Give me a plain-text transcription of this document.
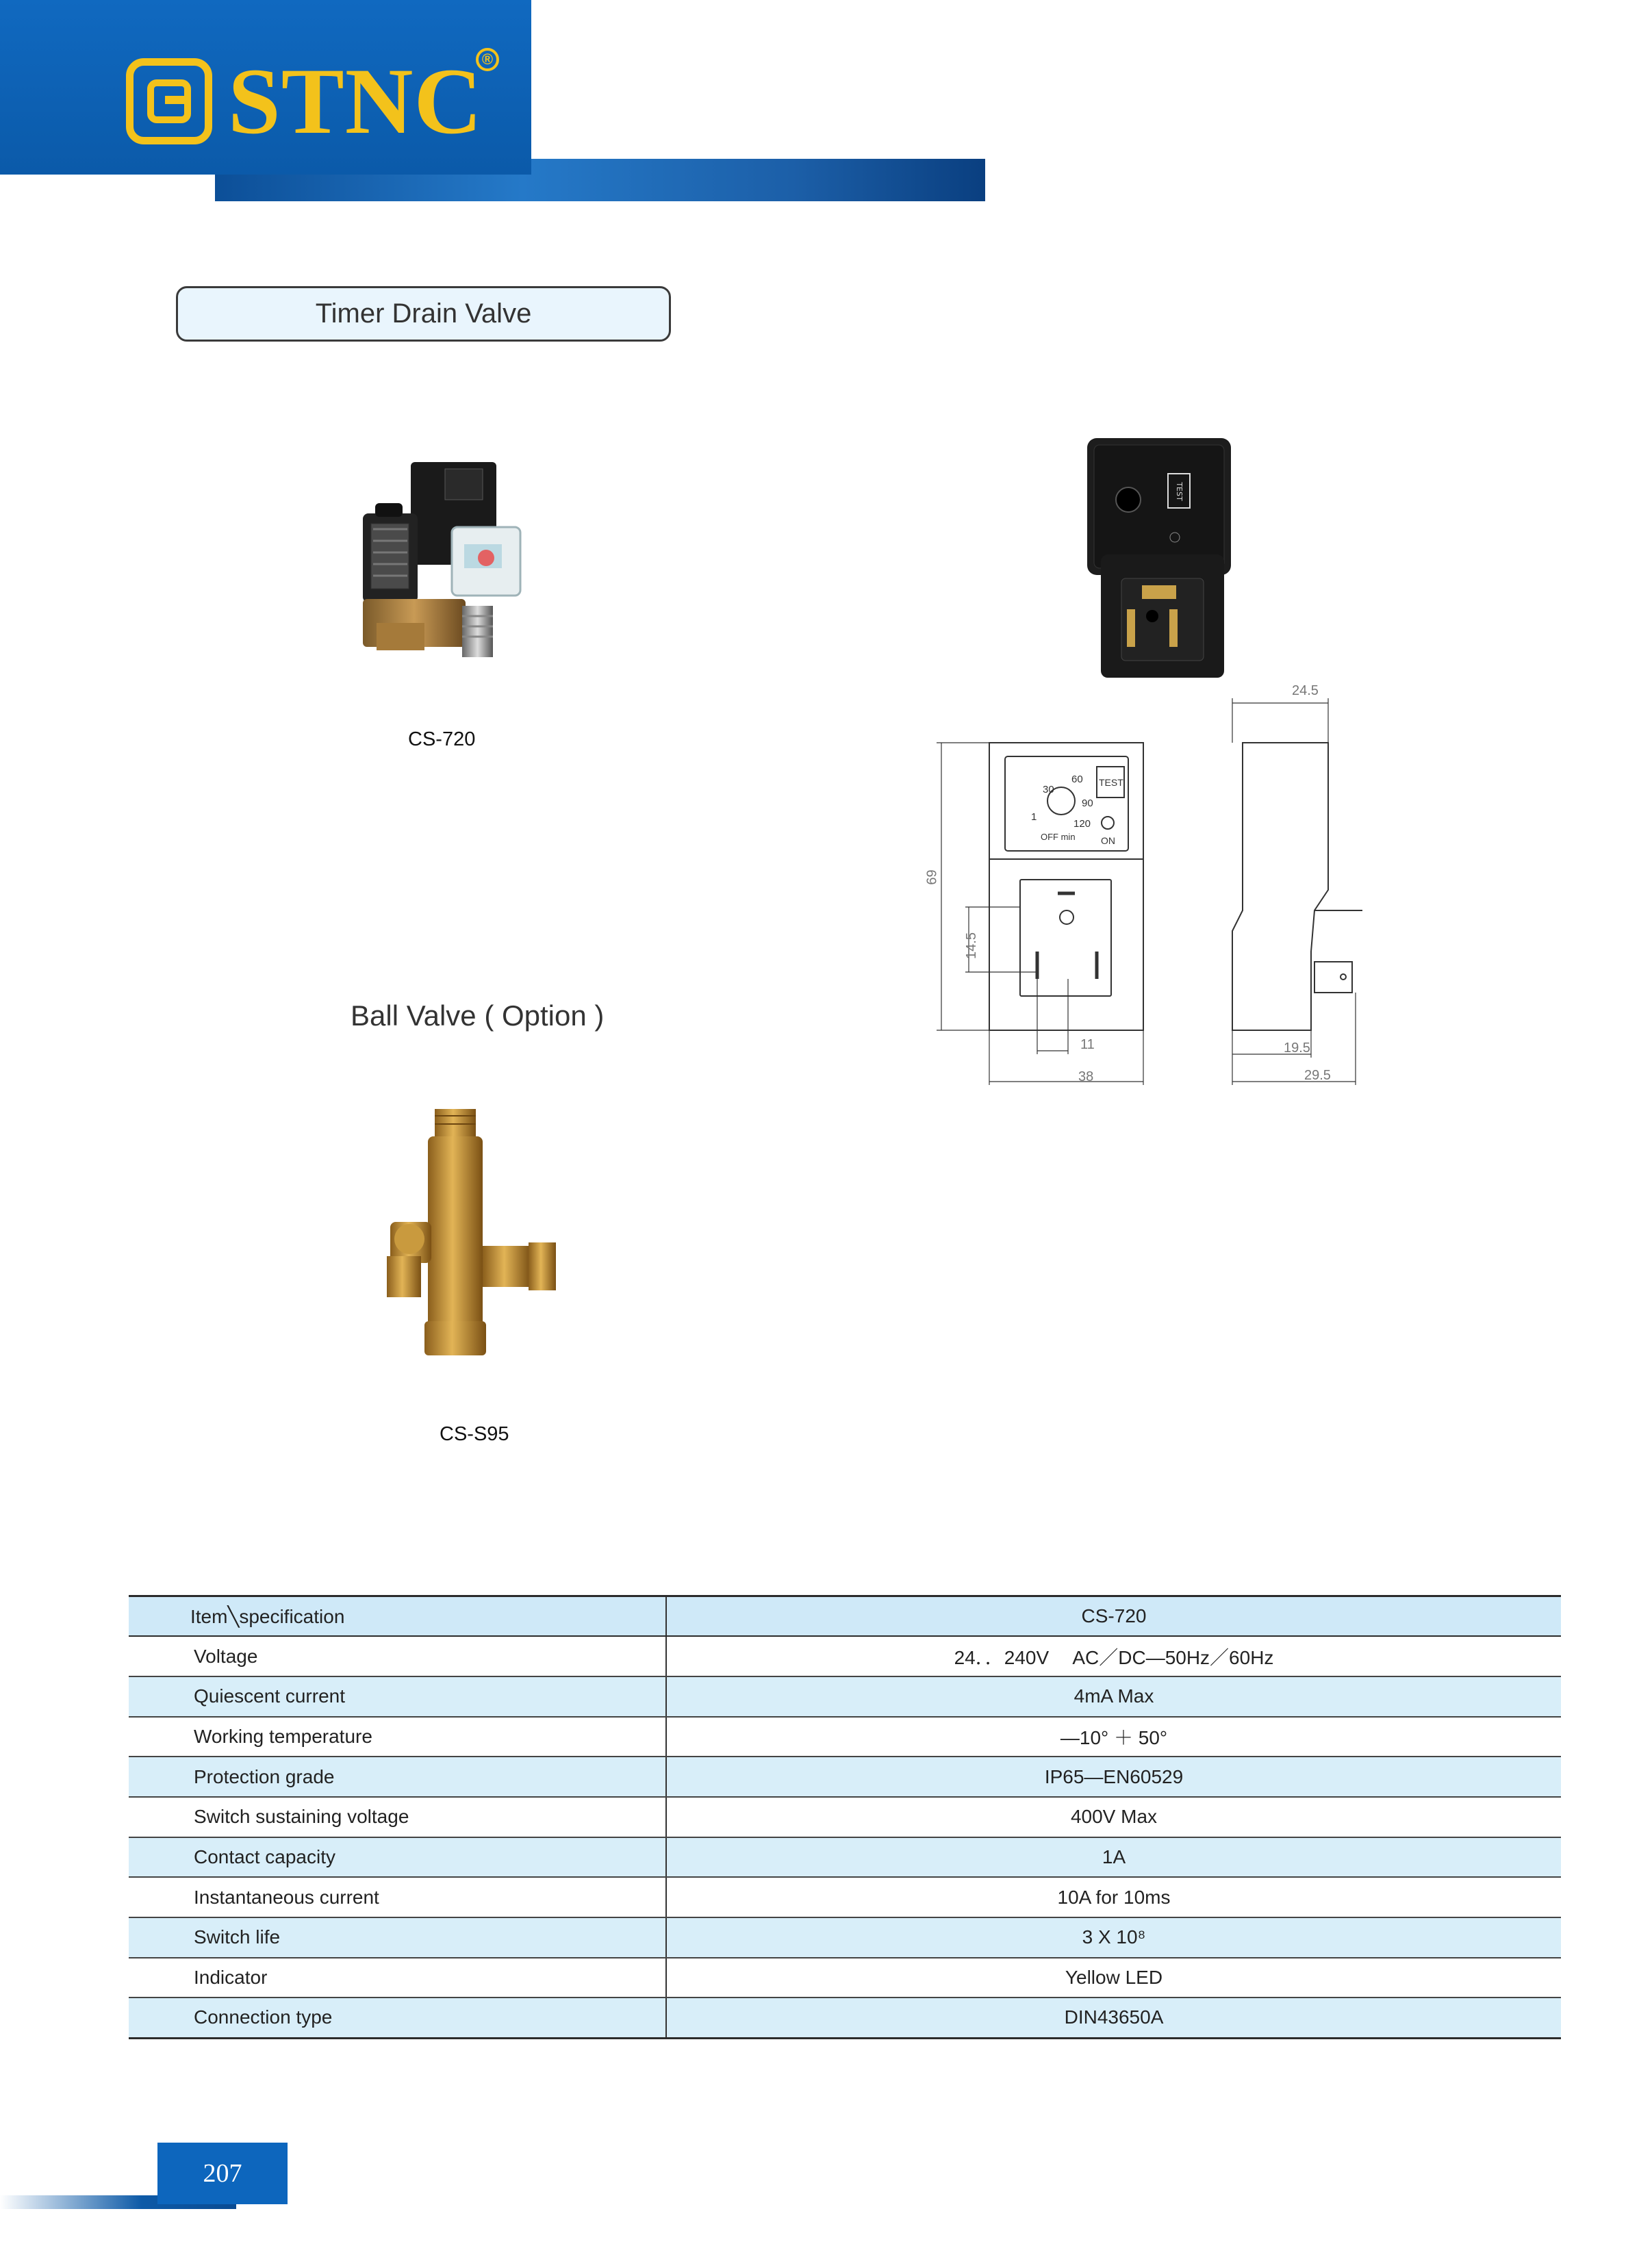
STNC
®
Timer Drain Valve
CS-720
TEST
69
14.5
11
38
24.5
19.5
29.5
30
60
90
120
1
OFF min
TEST
ON
Ball Valve ( Option )
CS-S95
Item╲specification	CS-720
Voltage	24．．240V　 AC／DC—50Hz／60Hz
Quiescent current	4mA Max
Working temperature	—10° ＋ 50°
Protection grade	IP65—EN60529
Switch sustaining voltage	400V Max
Contact capacity	1A
Instantaneous current	10A for 10ms
Switch life	3 X 10⁸
Indicator	Yellow LED
Connection type	DIN43650A
207
